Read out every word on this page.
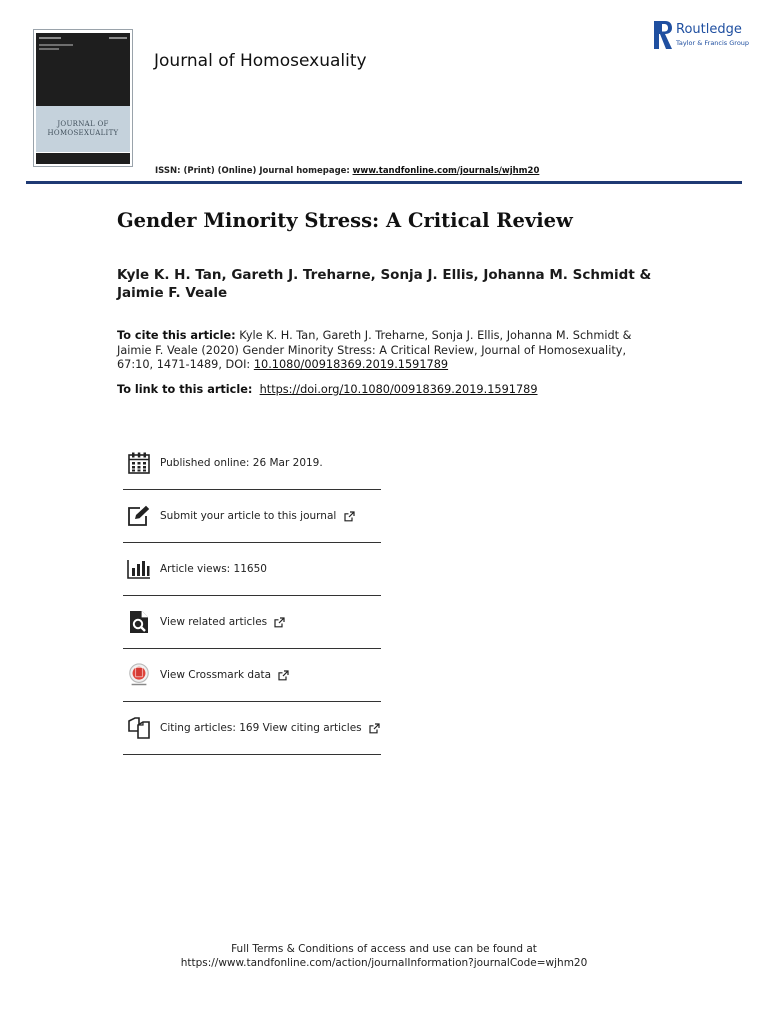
JOURNAL OF
HOMOSEXUALITY
Journal of Homosexuality
Routledge
Taylor & Francis Group
ISSN: (Print) (Online) Journal homepage: www.tandfonline.com/journals/wjhm20
Gender Minority Stress: A Critical Review
Kyle K. H. Tan, Gareth J. Treharne, Sonja J. Ellis, Johanna M. Schmidt & Jaimie F. Veale
To cite this article: Kyle K. H. Tan, Gareth J. Treharne, Sonja J. Ellis, Johanna M. Schmidt & Jaimie F. Veale (2020) Gender Minority Stress: A Critical Review, Journal of Homosexuality, 67:10, 1471-1489, DOI: 10.1080/00918369.2019.1591789
To link to this article: https://doi.org/10.1080/00918369.2019.1591789
Published online: 26 Mar 2019.
Submit your article to this journal
Article views: 11650
View related articles
View Crossmark data
Citing articles: 169 View citing articles
Full Terms & Conditions of access and use can be found at
https://www.tandfonline.com/action/journalInformation?journalCode=wjhm20
